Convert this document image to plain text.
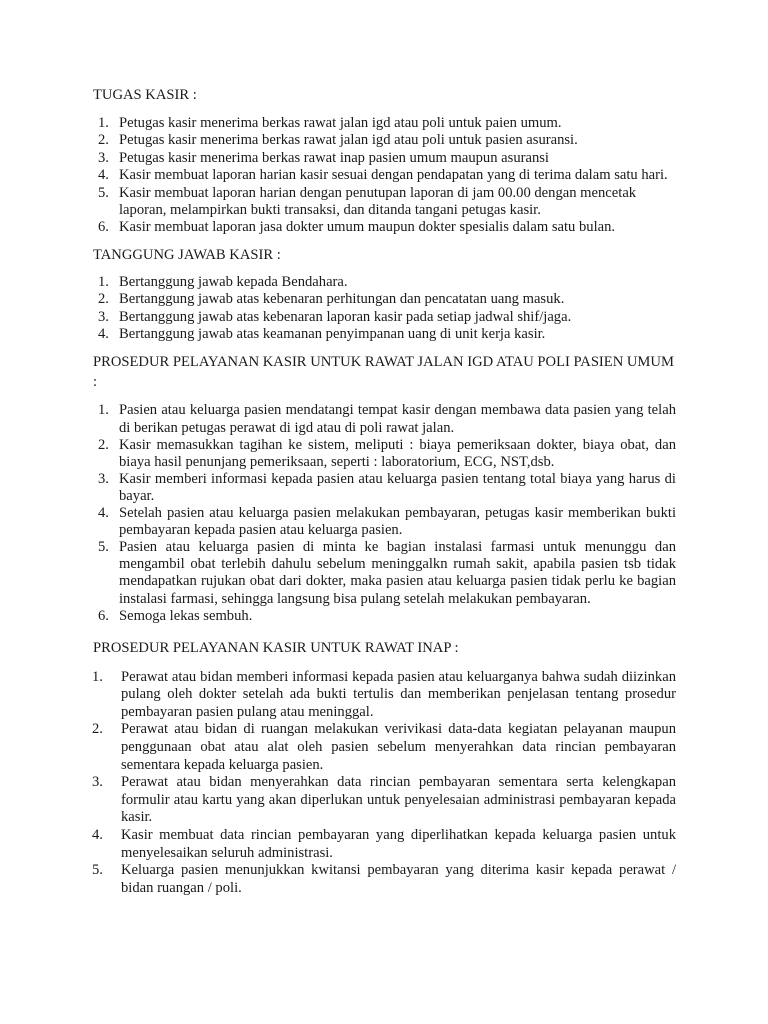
TUGAS KASIR :

1. Petugas kasir menerima berkas rawat jalan igd atau poli untuk paien umum.
2. Petugas kasir menerima berkas rawat jalan igd atau poli untuk pasien asuransi.
3. Petugas kasir menerima berkas rawat inap pasien umum maupun asuransi
4. Kasir membuat laporan harian kasir sesuai dengan pendapatan yang di terima dalam satu hari.
5. Kasir membuat laporan harian dengan penutupan laporan di jam 00.00 dengan mencetak laporan, melampirkan bukti transaksi, dan ditanda tangani petugas kasir.
6. Kasir membuat laporan jasa dokter umum maupun dokter spesialis dalam satu bulan.

TANGGUNG JAWAB KASIR :

1. Bertanggung jawab kepada Bendahara.
2. Bertanggung jawab atas kebenaran perhitungan dan pencatatan uang masuk.
3. Bertanggung jawab atas kebenaran laporan kasir pada setiap jadwal shif/jaga.
4. Bertanggung jawab atas keamanan penyimpanan uang di unit kerja kasir.

PROSEDUR PELAYANAN KASIR UNTUK RAWAT JALAN IGD ATAU POLI PASIEN UMUM :

1. Pasien atau keluarga pasien mendatangi tempat kasir dengan membawa data pasien yang telah di berikan petugas perawat di igd atau di poli rawat jalan.
2. Kasir memasukkan tagihan ke sistem, meliputi : biaya pemeriksaan dokter, biaya obat, dan biaya hasil penunjang pemeriksaan, seperti : laboratorium, ECG, NST,dsb.
3. Kasir memberi informasi kepada pasien atau keluarga pasien tentang total biaya yang harus di bayar.
4. Setelah pasien atau keluarga pasien melakukan pembayaran, petugas kasir memberikan bukti pembayaran kepada pasien atau keluarga pasien.
5. Pasien atau keluarga pasien di minta ke bagian instalasi farmasi untuk menunggu dan mengambil obat terlebih dahulu sebelum meninggalkn rumah sakit, apabila pasien tsb tidak mendapatkan rujukan obat dari dokter, maka pasien atau keluarga pasien tidak perlu ke bagian instalasi farmasi, sehingga langsung bisa pulang setelah melakukan pembayaran.
6. Semoga lekas sembuh.

PROSEDUR PELAYANAN KASIR UNTUK RAWAT INAP :

1. Perawat atau bidan memberi informasi kepada pasien atau keluarganya bahwa sudah diizinkan pulang oleh dokter setelah ada bukti tertulis dan memberikan penjelasan tentang prosedur pembayaran pasien pulang atau meninggal.
2. Perawat atau bidan di ruangan melakukan verivikasi data-data kegiatan pelayanan maupun penggunaan obat atau alat oleh pasien sebelum menyerahkan data rincian pembayaran sementara kepada keluarga pasien.
3. Perawat atau bidan menyerahkan data rincian pembayaran sementara serta kelengkapan formulir atau kartu yang akan diperlukan untuk penyelesaian administrasi pembayaran kepada kasir.
4. Kasir membuat data rincian pembayaran yang diperlihatkan kepada keluarga pasien untuk menyelesaikan seluruh administrasi.
5. Keluarga pasien menunjukkan kwitansi pembayaran yang diterima kasir kepada perawat / bidan ruangan / poli.
